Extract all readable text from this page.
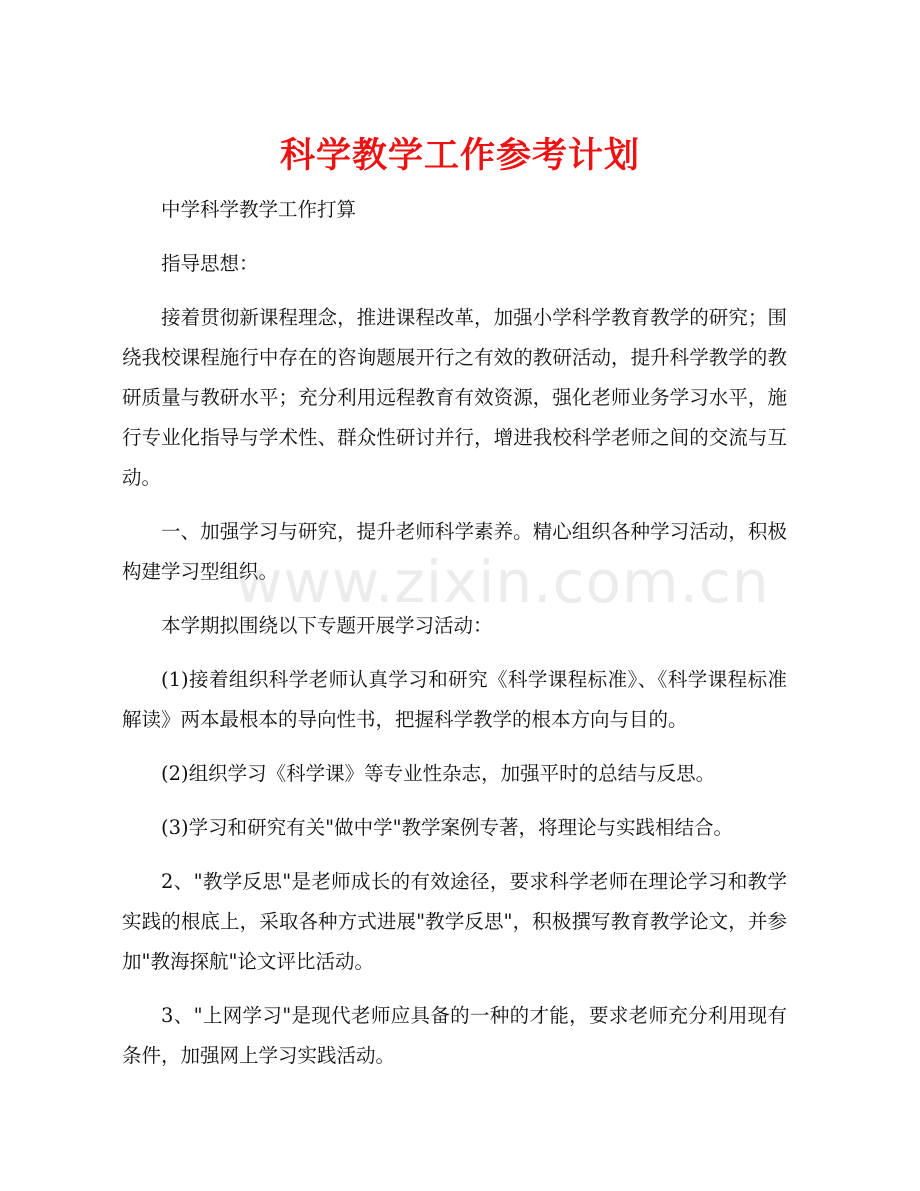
科学教学工作参考计划

中学科学教学工作打算

指导思想：

接着贯彻新课程理念，推进课程改革，加强小学科学教育教学的研究；围绕我校课程施行中存在的咨询题展开行之有效的教研活动，提升科学教学的教研质量与教研水平；充分利用远程教育有效资源，强化老师业务学习水平，施行专业化指导与学术性、群众性研讨并行，增进我校科学老师之间的交流与互动。

一、加强学习与研究，提升老师科学素养。精心组织各种学习活动，积极构建学习型组织。

本学期拟围绕以下专题开展学习活动：

(1)接着组织科学老师认真学习和研究《科学课程标准》、《科学课程标准解读》两本最根本的导向性书，把握科学教学的根本方向与目的。

(2)组织学习《科学课》等专业性杂志，加强平时的总结与反思。

(3)学习和研究有关"做中学"教学案例专著，将理论与实践相结合。

2、"教学反思"是老师成长的有效途径，要求科学老师在理论学习和教学实践的根底上，采取各种方式进展"教学反思"，积极撰写教育教学论文，并参加"教海探航"论文评比活动。

3、"上网学习"是现代老师应具备的一种的才能，要求老师充分利用现有条件，加强网上学习实践活动。

www.zixin.com.cn
